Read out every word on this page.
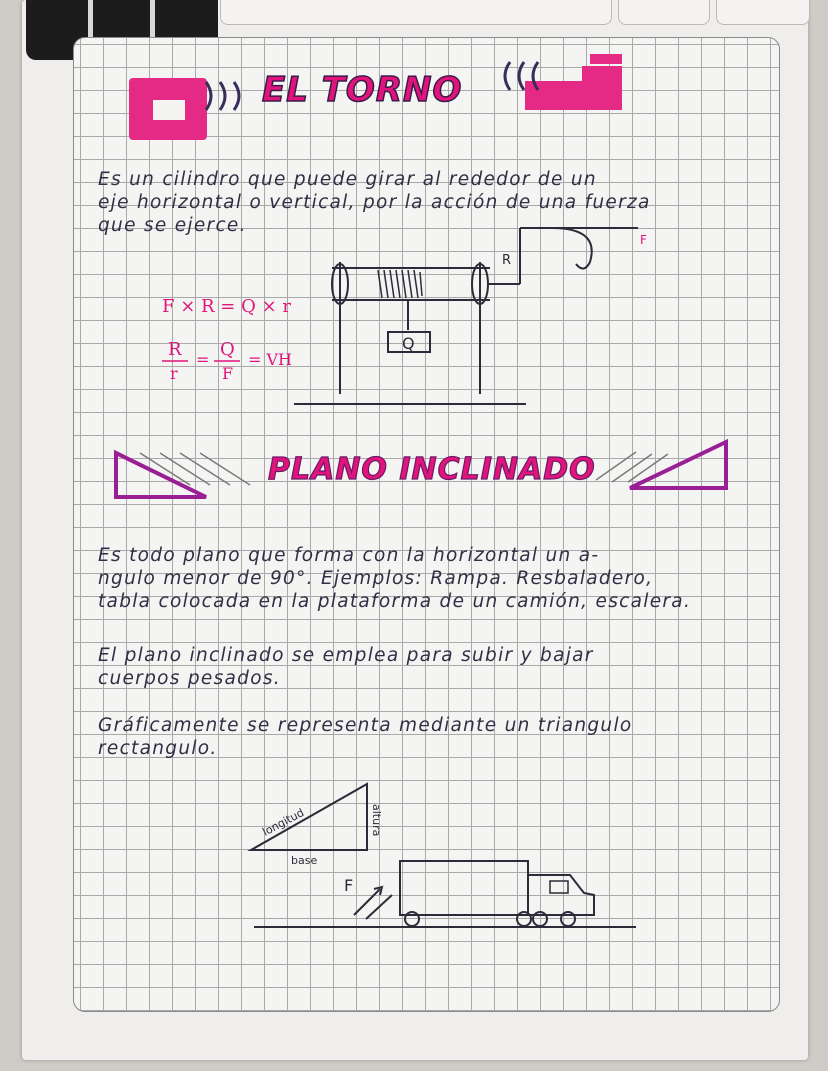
EL TORNO
Es un cilindro que puede girar al rededor de un
eje horizontal o vertical, por la acción de una fuerza
que se ejerce.
F × R = Q × r
R
r
= Q
F
= VH
Q
R
F
PLANO INCLINADO
Es todo plano que forma con la horizontal un a-
ngulo menor de 90°. Ejemplos: Rampa. Resbaladero,
tabla colocada en la plataforma de un camión, escalera.
El plano inclinado se emplea para subir y bajar
cuerpos pesados.
Gráficamente se representa mediante un triangulo
rectangulo.
longitud	altura
base
F
